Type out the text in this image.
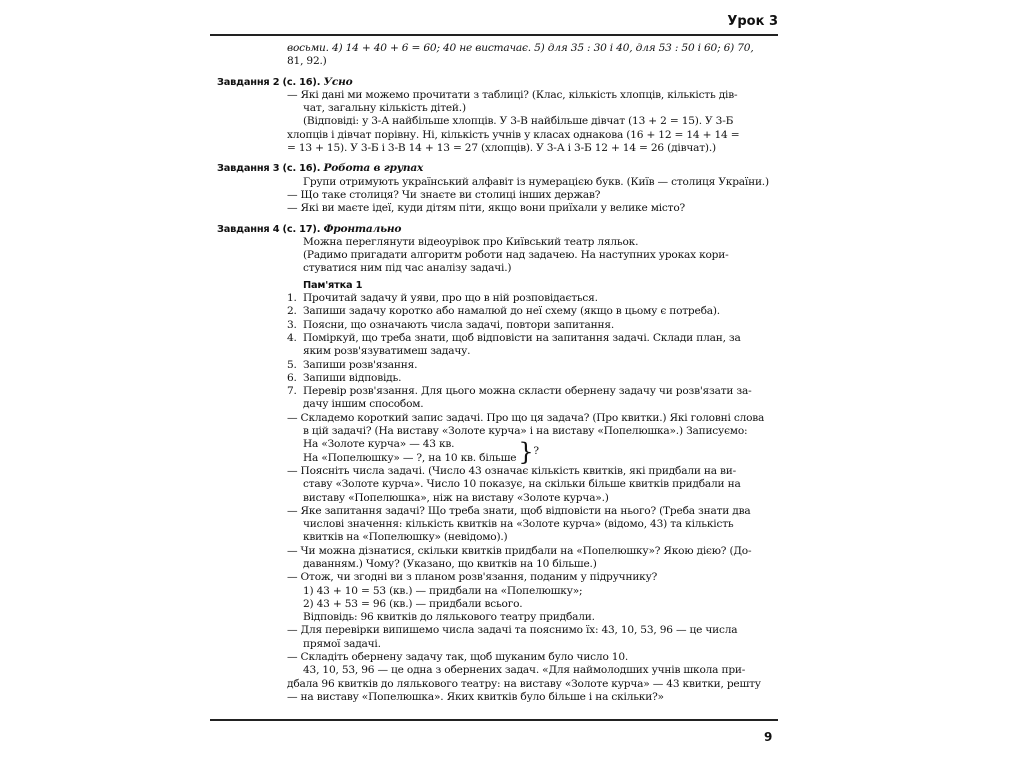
Урок 3

восьми. 4) 14 + 40 + 6 = 60; 40 не вистачає. 5) для 35 : 30 і 40, для 53 : 50 і 60; 6) 70,

81, 92.)

Завдання 2 (с. 16). Усно

— Які дані ми можемо прочитати з таблиці? (Клас, кількість хлопців, кількість дів-

чат, загальну кількість дітей.)

(Відповіді: у 3-А найбільше хлопців. У 3-В найбільше дівчат (13 + 2 = 15). У 3-Б

хлопців і дівчат порівну. Ні, кількість учнів у класах однакова (16 + 12 = 14 + 14 =

= 13 + 15). У 3-Б і 3-В 14 + 13 = 27 (хлопців). У 3-А і 3-Б 12 + 14 = 26 (дівчат).)

Завдання 3 (с. 16). Робота в групах

Групи отримують український алфавіт із нумерацією букв. (Київ — столиця України.)

— Що таке столиця? Чи знаєте ви столиці інших держав?

— Які ви маєте ідеї, куди дітям піти, якщо вони приїхали у велике місто?

Завдання 4 (с. 17). Фронтально

Можна переглянути відеоурівок про Київський театр ляльок.

(Радимо пригадати алгоритм роботи над задачею. На наступних уроках кори-

стуватися ним під час аналізу задачі.)

Пам'ятка 1

1. Прочитай задачу й уяви, про що в ній розповідається.

2. Запиши задачу коротко або намалюй до неї схему (якщо в цьому є потреба).

3. Поясни, що означають числа задачі, повтори запитання.

4. Поміркуй, що треба знати, щоб відповісти на запитання задачі. Склади план, за

яким розв'язуватимеш задачу.

5. Запиши розв'язання.

6. Запиши відповідь.

7. Перевір розв'язання. Для цього можна скласти обернену задачу чи розв'язати за-

дачу іншим способом.

— Складемо короткий запис задачі. Про що ця задача? (Про квитки.) Які головні слова

в цій задачі? (На виставу «Золоте курча» і на виставу «Попелюшка».) Записуємо:

На «Золоте курча» — 43 кв.
На «Попелюшку» — ?, на 10 кв. більше } ?

— Поясніть числа задачі. (Число 43 означає кількість квитків, які придбали на ви-

ставу «Золоте курча». Число 10 показує, на скільки більше квитків придбали на

виставу «Попелюшка», ніж на виставу «Золоте курча».)

— Яке запитання задачі? Що треба знати, щоб відповісти на нього? (Треба знати два

числові значення: кількість квитків на «Золоте курча» (відомо, 43) та кількість

квитків на «Попелюшку» (невідомо).)

— Чи можна дізнатися, скільки квитків придбали на «Попелюшку»? Якою дією? (До-

даванням.) Чому? (Указано, що квитків на 10 більше.)

— Отож, чи згодні ви з планом розв'язання, поданим у підручнику?

1) 43 + 10 = 53 (кв.) — придбали на «Попелюшку»;

2) 43 + 53 = 96 (кв.) — придбали всього.

Відповідь: 96 квитків до лялькового театру придбали.

— Для перевірки випишемо числа задачі та пояснимо їх: 43, 10, 53, 96 — це числа

прямої задачі.

— Складіть обернену задачу так, щоб шуканим було число 10.

43, 10, 53, 96 — це одна з обернених задач. «Для наймолодших учнів школа при-

дбала 96 квитків до лялькового театру: на виставу «Золоте курча» — 43 квитки, решту

— на виставу «Попелюшка». Яких квитків було більше і на скільки?»

9
